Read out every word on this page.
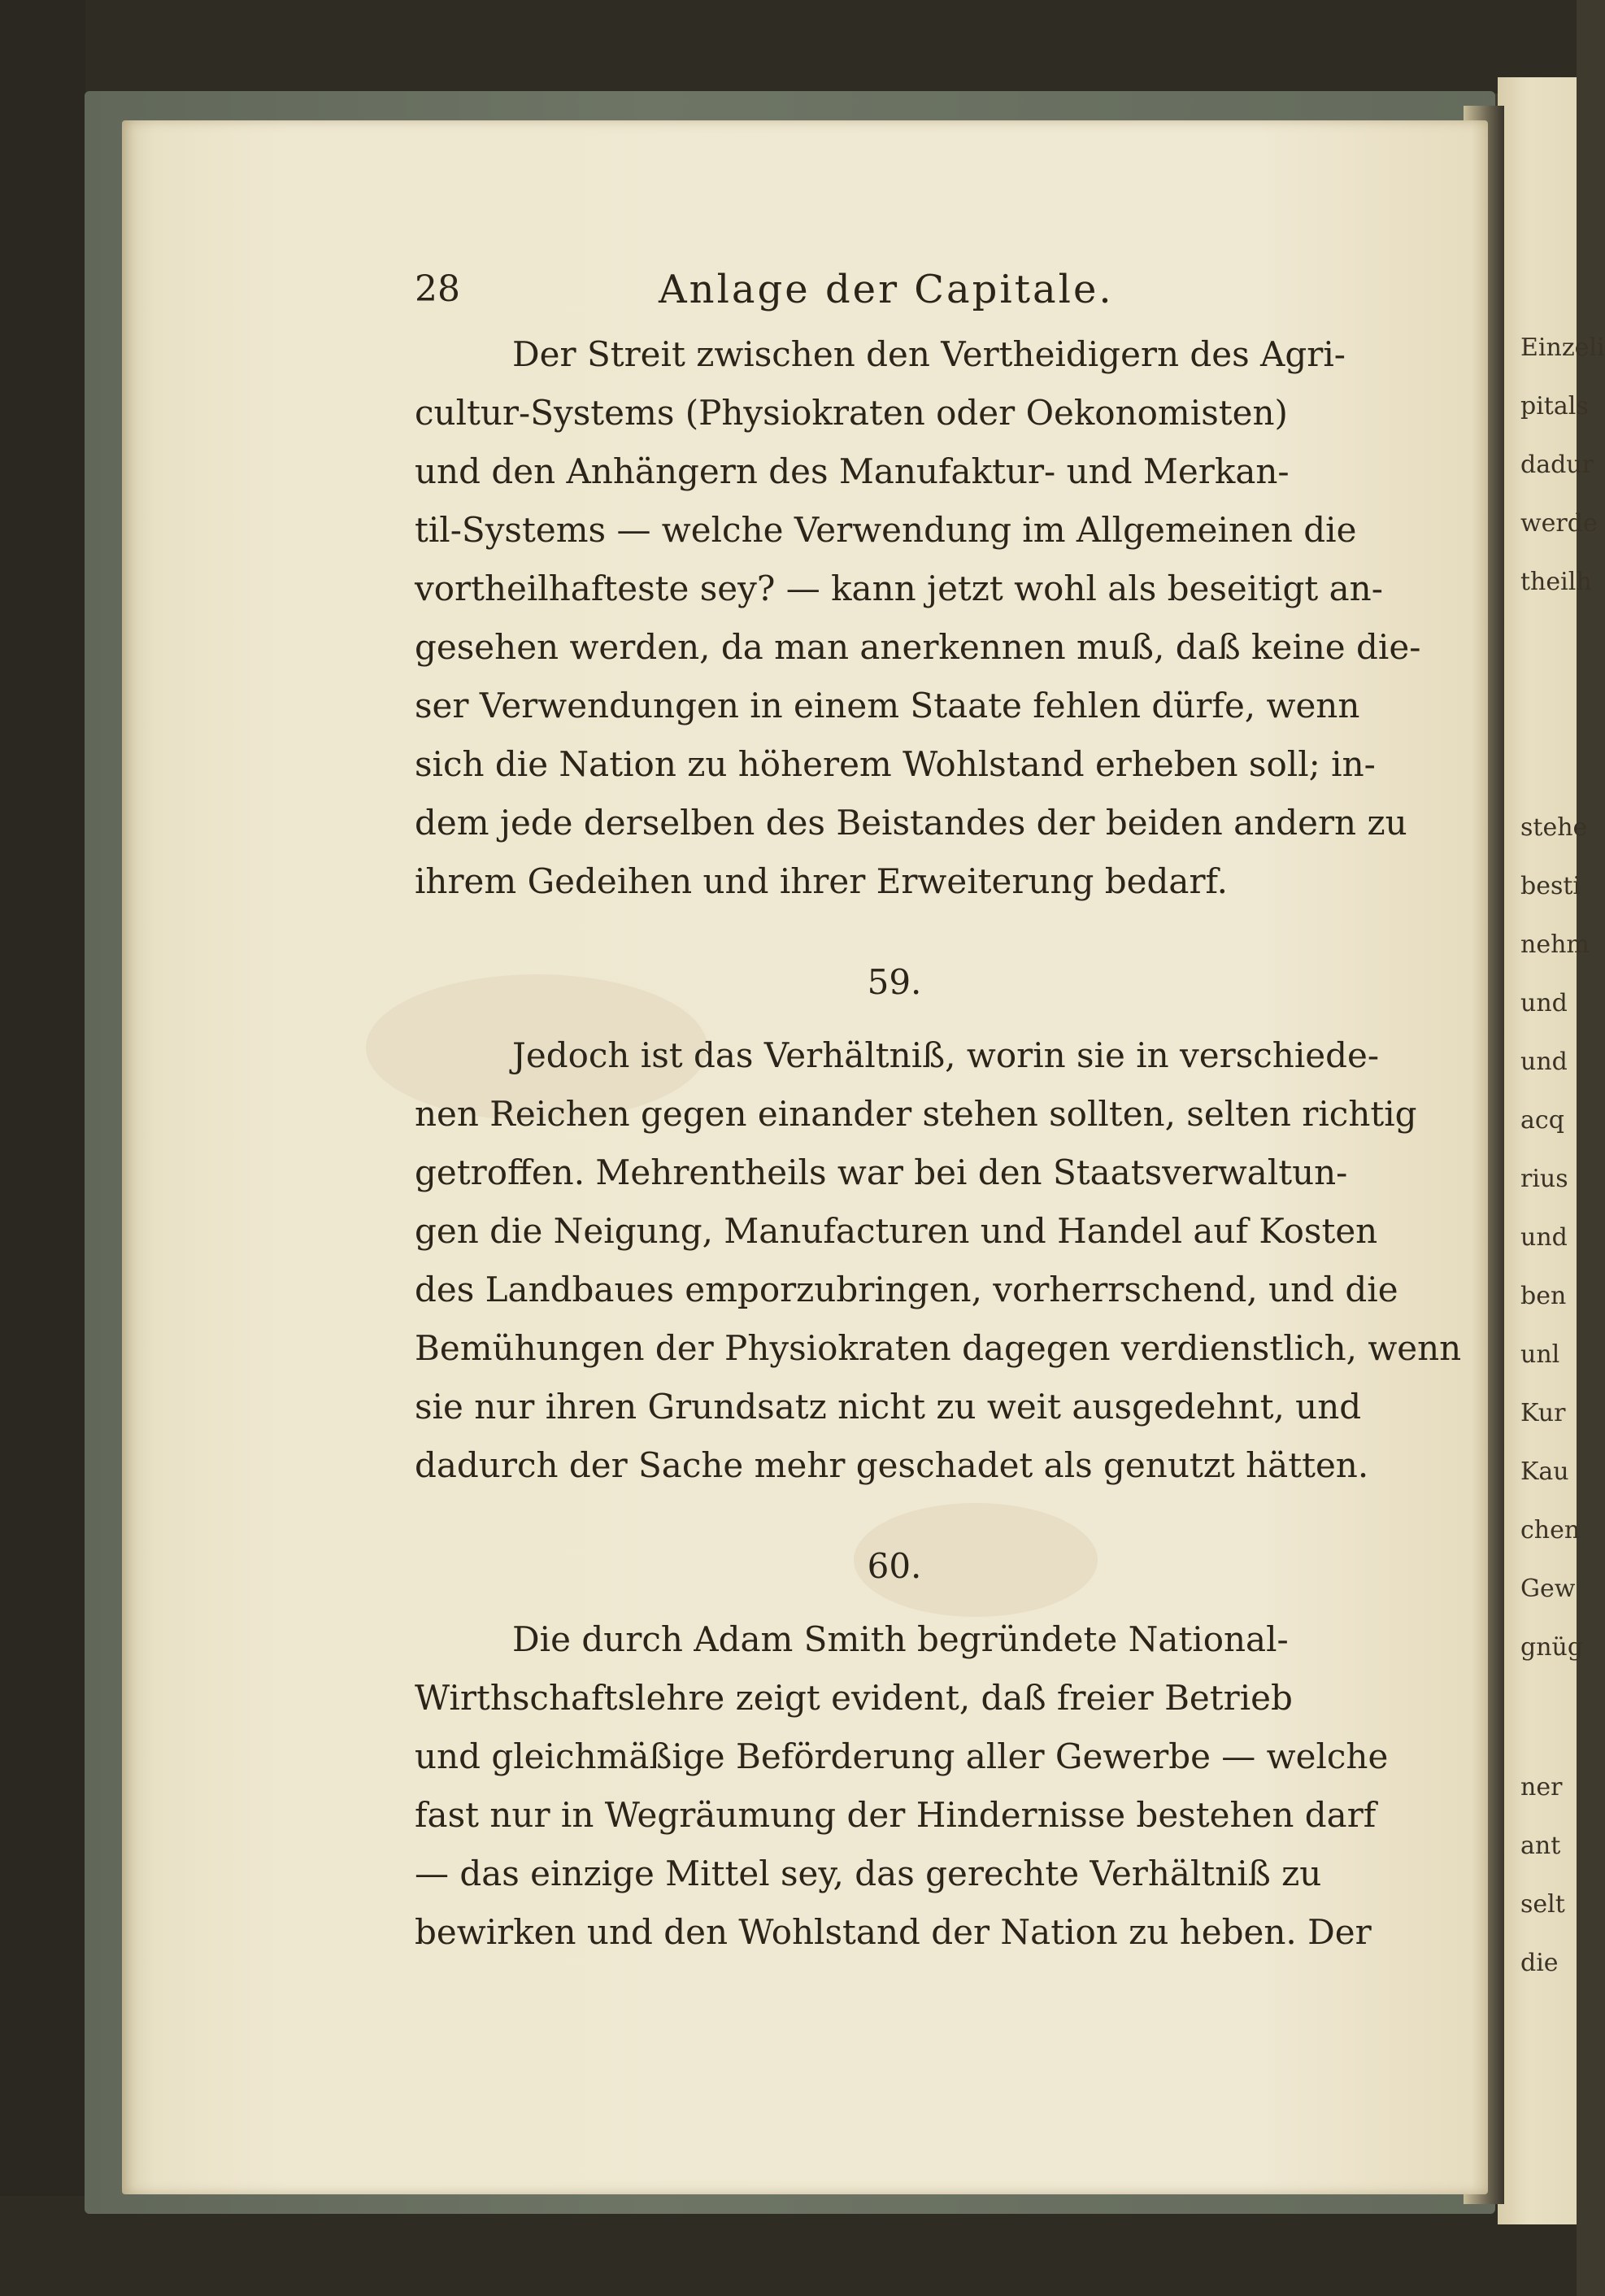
Einzeli
pitals
dadur
werde
theilh
stehe
besti
nehm
und
und
acq
rius
und
ben
unl
Kur
Kau
chen
Gew
gnüg
ner
ant
selt
die
28	Anlage der Capitale.
Der Streit zwischen den Vertheidigern des Agri-
cultur-Systems (Physiokraten oder Oekonomisten)
und den Anhängern des Manufaktur- und Merkan-
til-Systems — welche Verwendung im Allgemeinen die
vortheilhafteste sey? — kann jetzt wohl als beseitigt an-
gesehen werden, da man anerkennen muß, daß keine die-
ser Verwendungen in einem Staate fehlen dürfe, wenn
sich die Nation zu höherem Wohlstand erheben soll; in-
dem jede derselben des Beistandes der beiden andern zu
ihrem Gedeihen und ihrer Erweiterung bedarf.
59.
Jedoch ist das Verhältniß, worin sie in verschiede-
nen Reichen gegen einander stehen sollten, selten richtig
getroffen. Mehrentheils war bei den Staatsverwaltun-
gen die Neigung, Manufacturen und Handel auf Kosten
des Landbaues emporzubringen, vorherrschend, und die
Bemühungen der Physiokraten dagegen verdienstlich, wenn
sie nur ihren Grundsatz nicht zu weit ausgedehnt, und
dadurch der Sache mehr geschadet als genutzt hätten.
60.
Die durch Adam Smith begründete National-
Wirthschaftslehre zeigt evident, daß freier Betrieb
und gleichmäßige Beförderung aller Gewerbe — welche
fast nur in Wegräumung der Hindernisse bestehen darf
— das einzige Mittel sey, das gerechte Verhältniß zu
bewirken und den Wohlstand der Nation zu heben. Der
